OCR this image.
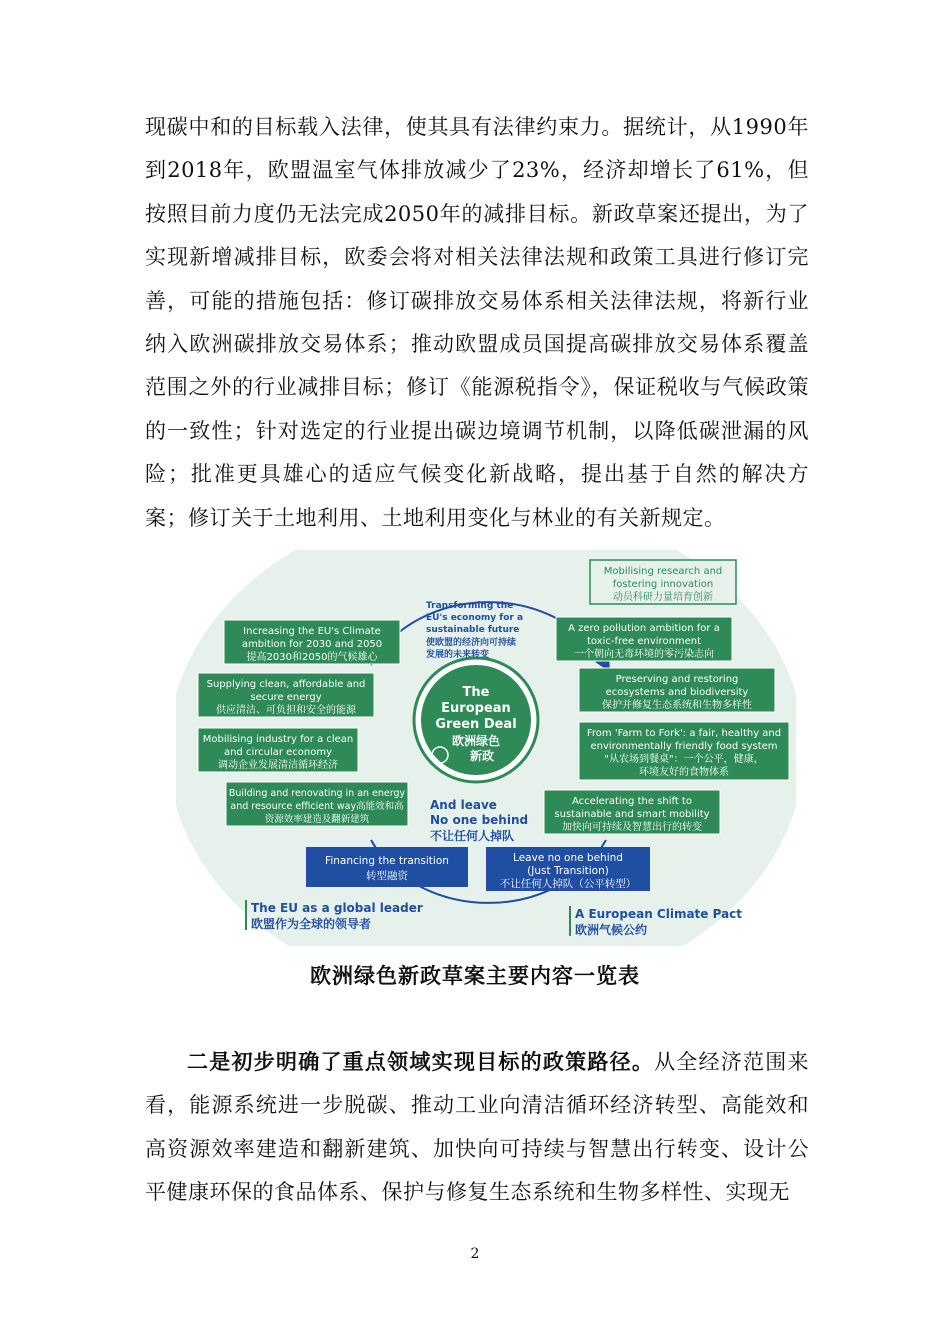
现碳中和的目标载入法律，使其具有法律约束力。据统计，从1990年到2018年，欧盟温室气体排放减少了23%，经济却增长了61%，但按照目前力度仍无法完成2050年的减排目标。新政草案还提出，为了实现新增减排目标，欧委会将对相关法律法规和政策工具进行修订完善，可能的措施包括：修订碳排放交易体系相关法律法规，将新行业纳入欧洲碳排放交易体系；推动欧盟成员国提高碳排放交易体系覆盖范围之外的行业减排目标；修订《能源税指令》，保证税收与气候政策的一致性；针对选定的行业提出碳边境调节机制，以降低碳泄漏的风险；批准更具雄心的适应气候变化新战略，提出基于自然的解决方案；修订关于土地利用、土地利用变化与林业的有关新规定。

The
European
Green Deal
欧洲绿色
新政
Transforming the
EU's economy for a
sustainable future
使欧盟的经济向可持续
发展的未来转变
And leave
No one behind
不让任何人掉队
Increasing the EU's Climate
ambition for 2030 and 2050
提高2030和2050的气候雄心
Supplying clean, affordable and
secure energy
供应清洁、可负担和安全的能源
Mobilising industry for a clean
and circular economy
调动企业发展清洁循环经济
Building and renovating in an energy
and resource efficient way高能效和高
资源效率建造及翻新建筑
Mobilising research and
fostering innovation
动员科研力量培育创新
A zero pollution ambition for a
toxic-free environment
一个朝向无毒环境的零污染志向
Preserving and restoring
ecosystems and biodiversity
保护并修复生态系统和生物多样性
From 'Farm to Fork': a fair, healthy and
environmentally friendly food system
"从农场到餐桌"：一个公平，健康，
环境友好的食物体系
Accelerating the shift to
sustainable and smart mobility
加快向可持续及智慧出行的转变
Financing the transition
转型融资
Leave no one behind
(Just Transition)
不让任何人掉队（公平转型）
The EU as a global leader
欧盟作为全球的领导者
A European Climate Pact
欧洲气候公约
欧洲绿色新政草案主要内容一览表

二是初步明确了重点领域实现目标的政策路径。从全经济范围来看，能源系统进一步脱碳、推动工业向清洁循环经济转型、高能效和高资源效率建造和翻新建筑、加快向可持续与智慧出行转变、设计公平健康环保的食品体系、保护与修复生态系统和生物多样性、实现无

2
